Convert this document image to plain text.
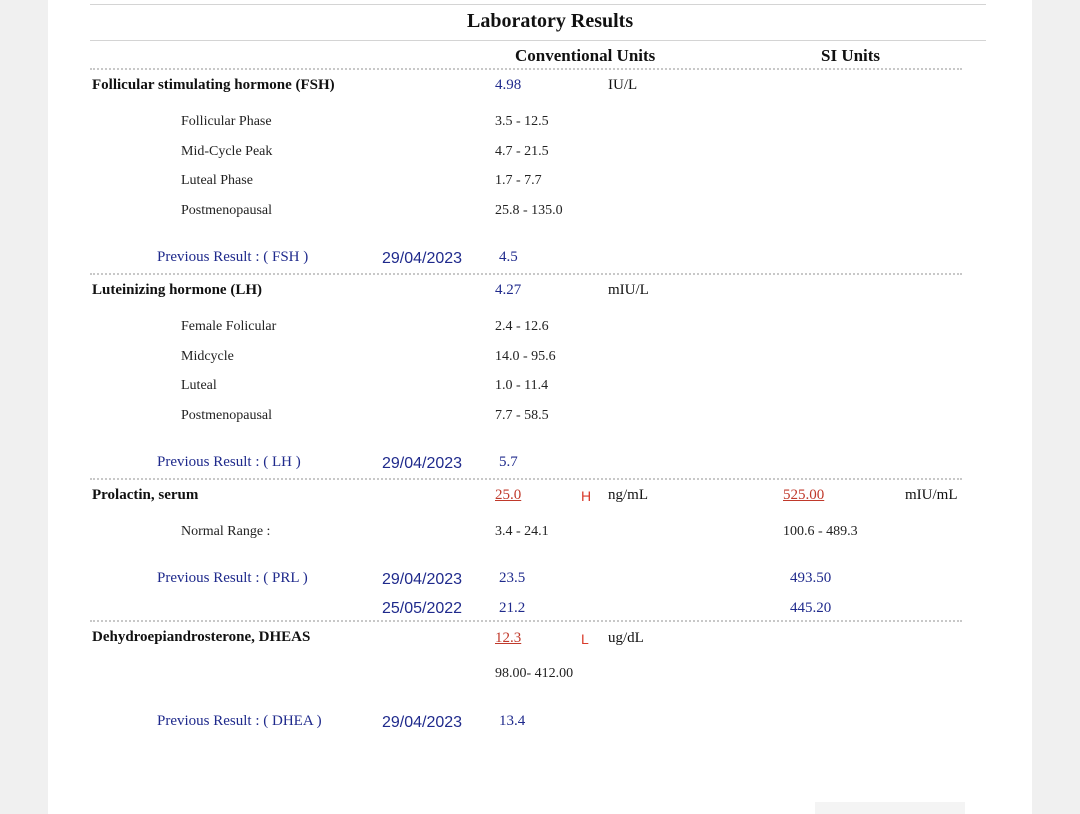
Laboratory Results
Conventional Units	SI Units
Follicular stimulating hormone (FSH)	4.98	IU/L
Follicular Phase	3.5 - 12.5
Mid-Cycle Peak	4.7 - 21.5
Luteal Phase	1.7 - 7.7
Postmenopausal	25.8 - 135.0
Previous Result : ( FSH )	29/04/2023 4.5
Luteinizing hormone (LH)	4.27	mIU/L
Female Folicular	2.4 - 12.6
Midcycle	14.0 - 95.6
Luteal	1.0 - 11.4
Postmenopausal	7.7 - 58.5
Previous Result : ( LH )	29/04/2023 5.7
Prolactin, serum	25.0	H ng/mL	525.00	mIU/mL
Normal Range :	3.4 - 24.1	100.6 - 489.3
Previous Result : ( PRL )	29/04/2023 23.5	493.50
25/05/2022 21.2	445.20
Dehydroepiandrosterone, DHEAS	12.3	L ug/dL
98.00- 412.00
Previous Result : ( DHEA )	29/04/2023 13.4
